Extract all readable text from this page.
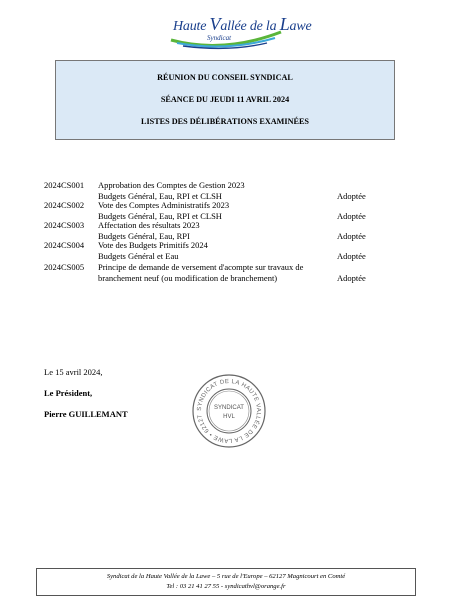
Haute Vallée de la Lawe
Syndicat
RÉUNION DU CONSEIL SYNDICAL
SÉANCE DU JEUDI 11 AVRIL 2024
LISTES DES DÉLIBÉRATIONS EXAMINÉES
2024CS001 Approbation des Comptes de Gestion 2023
Budgets Général, Eau, RPI et CLSH	Adoptée
2024CS002 Vote des Comptes Administratifs 2023
Budgets Général, Eau, RPI et CLSH	Adoptée
2024CS003 Affectation des résultats 2023
Budgets Général, Eau, RPI	Adoptée
2024CS004 Vote des Budgets Primitifs 2024
Budgets Général et Eau	Adoptée
2024CS005 Principe de demande de versement d'acompte sur travaux de
branchement neuf (ou modification de branchement)	Adoptée
Le 15 avril 2024,
Le Président,
Pierre GUILLEMANT
SYNDICAT DE LA HAUTE VALLÉE DE LA LAWE • 62127
SYNDICAT
HVL
Syndicat de la Haute Vallée de la Lawe – 5 rue de l'Europe – 62127 Magnicourt en Comté
Tel : 03 21 41 27 55 - syndicathvl@orange.fr
